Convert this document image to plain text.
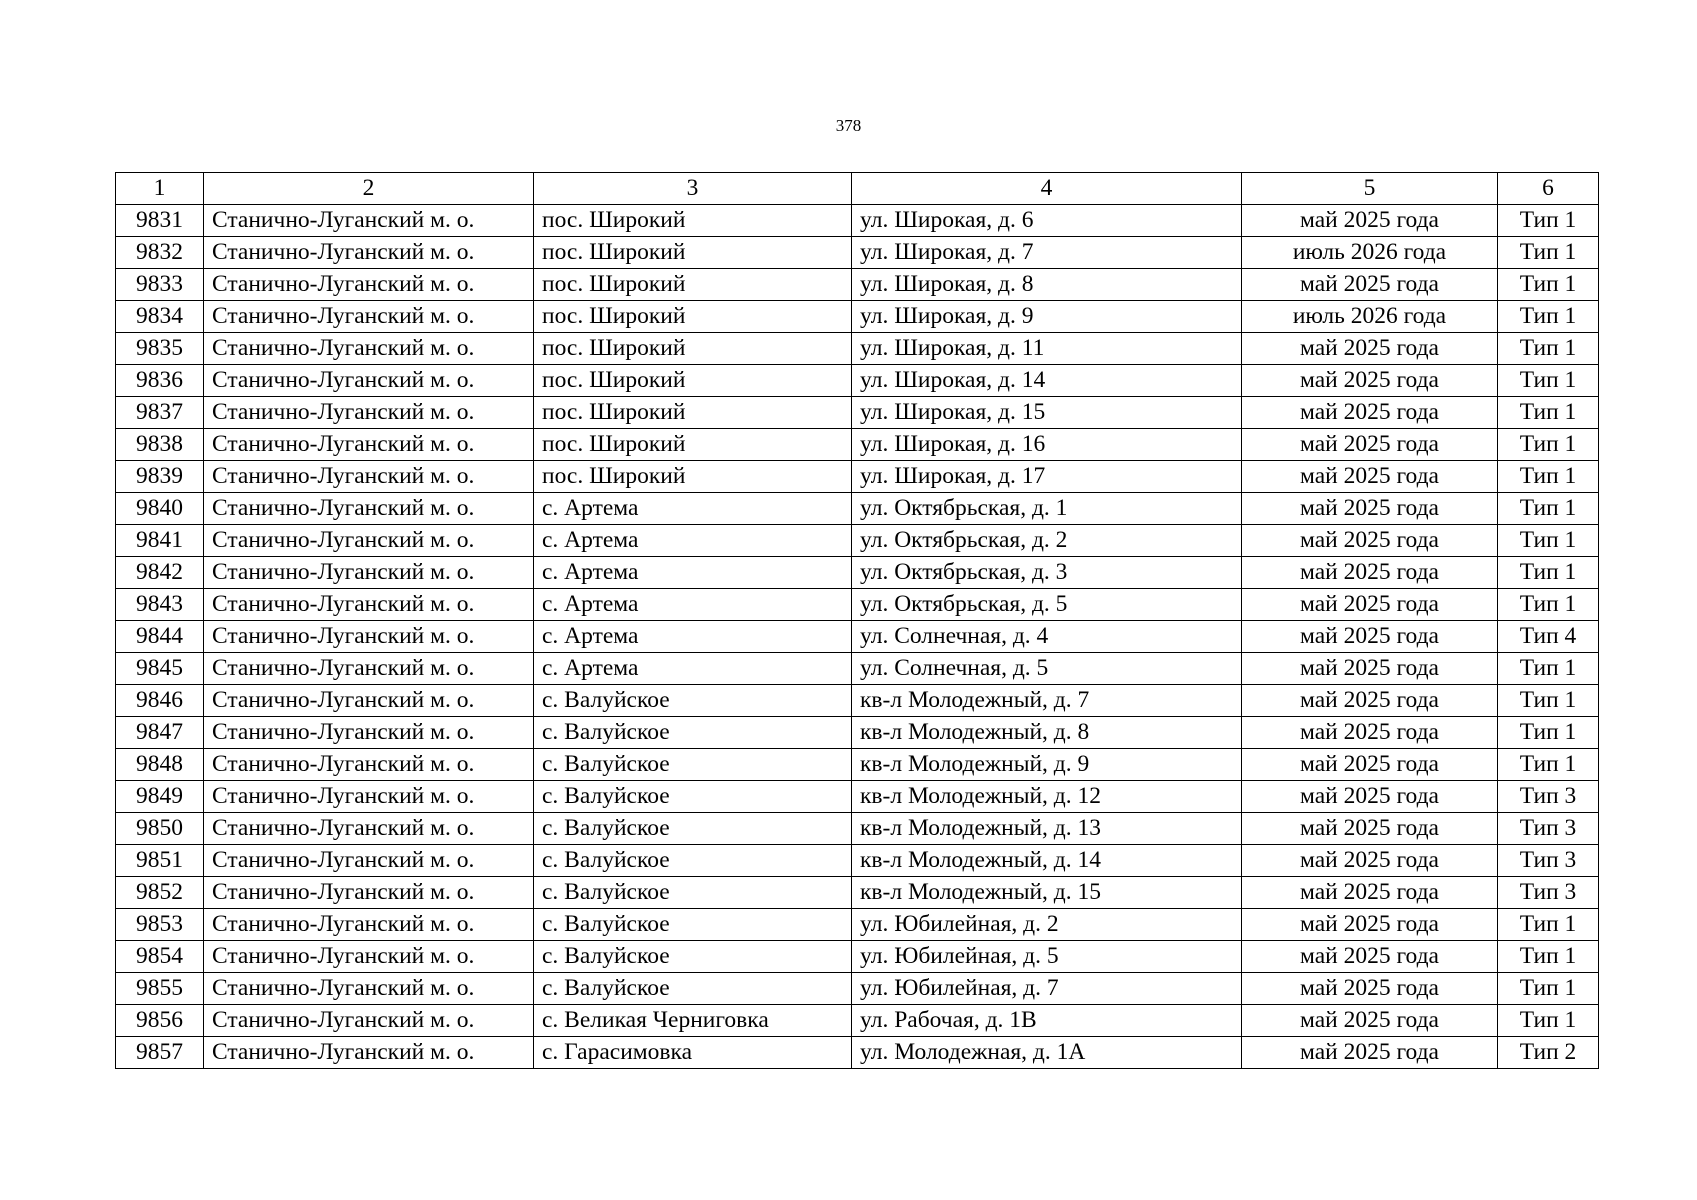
378
1	2	3	4	5	6
9831	Станично-Луганский м. о.	пос. Широкий	ул. Широкая, д. 6	май 2025 года	Тип 1
9832	Станично-Луганский м. о.	пос. Широкий	ул. Широкая, д. 7	июль 2026 года	Тип 1
9833	Станично-Луганский м. о.	пос. Широкий	ул. Широкая, д. 8	май 2025 года	Тип 1
9834	Станично-Луганский м. о.	пос. Широкий	ул. Широкая, д. 9	июль 2026 года	Тип 1
9835	Станично-Луганский м. о.	пос. Широкий	ул. Широкая, д. 11	май 2025 года	Тип 1
9836	Станично-Луганский м. о.	пос. Широкий	ул. Широкая, д. 14	май 2025 года	Тип 1
9837	Станично-Луганский м. о.	пос. Широкий	ул. Широкая, д. 15	май 2025 года	Тип 1
9838	Станично-Луганский м. о.	пос. Широкий	ул. Широкая, д. 16	май 2025 года	Тип 1
9839	Станично-Луганский м. о.	пос. Широкий	ул. Широкая, д. 17	май 2025 года	Тип 1
9840	Станично-Луганский м. о.	с. Артема	ул. Октябрьская, д. 1	май 2025 года	Тип 1
9841	Станично-Луганский м. о.	с. Артема	ул. Октябрьская, д. 2	май 2025 года	Тип 1
9842	Станично-Луганский м. о.	с. Артема	ул. Октябрьская, д. 3	май 2025 года	Тип 1
9843	Станично-Луганский м. о.	с. Артема	ул. Октябрьская, д. 5	май 2025 года	Тип 1
9844	Станично-Луганский м. о.	с. Артема	ул. Солнечная, д. 4	май 2025 года	Тип 4
9845	Станично-Луганский м. о.	с. Артема	ул. Солнечная, д. 5	май 2025 года	Тип 1
9846	Станично-Луганский м. о.	с. Валуйское	кв-л Молодежный, д. 7	май 2025 года	Тип 1
9847	Станично-Луганский м. о.	с. Валуйское	кв-л Молодежный, д. 8	май 2025 года	Тип 1
9848	Станично-Луганский м. о.	с. Валуйское	кв-л Молодежный, д. 9	май 2025 года	Тип 1
9849	Станично-Луганский м. о.	с. Валуйское	кв-л Молодежный, д. 12	май 2025 года	Тип 3
9850	Станично-Луганский м. о.	с. Валуйское	кв-л Молодежный, д. 13	май 2025 года	Тип 3
9851	Станично-Луганский м. о.	с. Валуйское	кв-л Молодежный, д. 14	май 2025 года	Тип 3
9852	Станично-Луганский м. о.	с. Валуйское	кв-л Молодежный, д. 15	май 2025 года	Тип 3
9853	Станично-Луганский м. о.	с. Валуйское	ул. Юбилейная, д. 2	май 2025 года	Тип 1
9854	Станично-Луганский м. о.	с. Валуйское	ул. Юбилейная, д. 5	май 2025 года	Тип 1
9855	Станично-Луганский м. о.	с. Валуйское	ул. Юбилейная, д. 7	май 2025 года	Тип 1
9856	Станично-Луганский м. о.	с. Великая Черниговка	ул. Рабочая, д. 1В	май 2025 года	Тип 1
9857	Станично-Луганский м. о.	с. Гарасимовка	ул. Молодежная, д. 1А	май 2025 года	Тип 2
